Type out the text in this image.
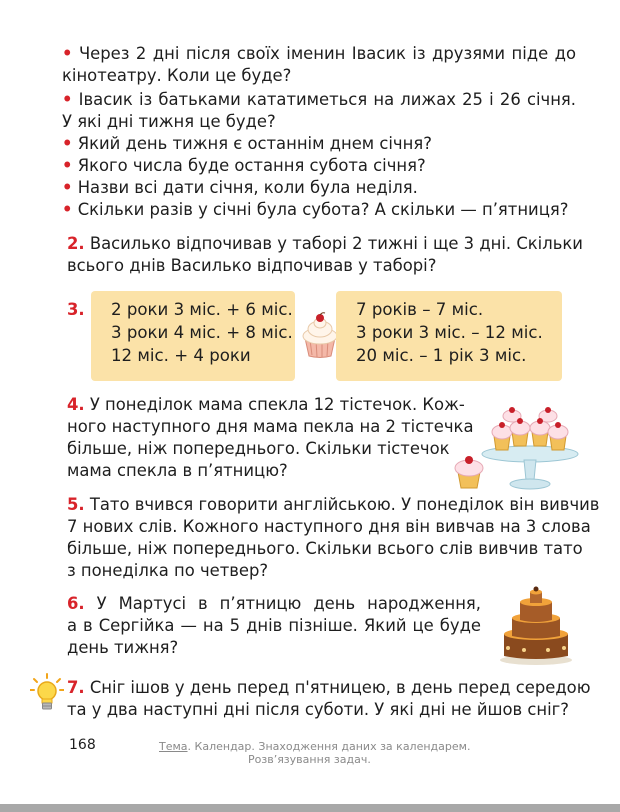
• Через 2 дні після своїх іменин Івасик із друзями піде до
кінотеатру. Коли це буде?
• Івасик із батьками кататиметься на лижах 25 і 26 січня.
У які дні тижня це буде?
• Який день тижня є останнім днем січня?
• Якого числа буде остання субота січня?
• Назви всі дати січня, коли була неділя.
• Скільки разів у січні була субота? А скільки — п’ятниця?
2. Василько відпочивав у таборі 2 тижні і ще 3 дні. Скільки
всього днів Василько відпочивав у таборі?
3. 2 роки 3 міс. + 6 міс.
3 роки 4 міс. + 8 міс.
12 міс. + 4 роки
7 років – 7 міс.
3 роки 3 міс. – 12 міс.
20 міс. – 1 рік 3 міс.
4. У понеділок мама спекла 12 тістечок. Кож-
ного наступного дня мама пекла на 2 тістечка
більше, ніж попереднього. Скільки тістечок
мама спекла в п’ятницю?
5. Тато вчився говорити англійською. У понеділок він вивчив
7 нових слів. Кожного наступного дня він вивчав на 3 слова
більше, ніж попереднього. Скільки всього слів вивчив тато
з понеділка по четвер?
6. У Мартусі в п’ятницю день народження,
а в Сергійка — на 5 днів пізніше. Який це буде
день тижня?
7. Сніг ішов у день перед п'ятницею, в день перед середою
та у два наступні дні після суботи. У які дні не йшов сніг?
168	Тема. Календар. Знаходження даних за календарем.
Розв’язування задач.
